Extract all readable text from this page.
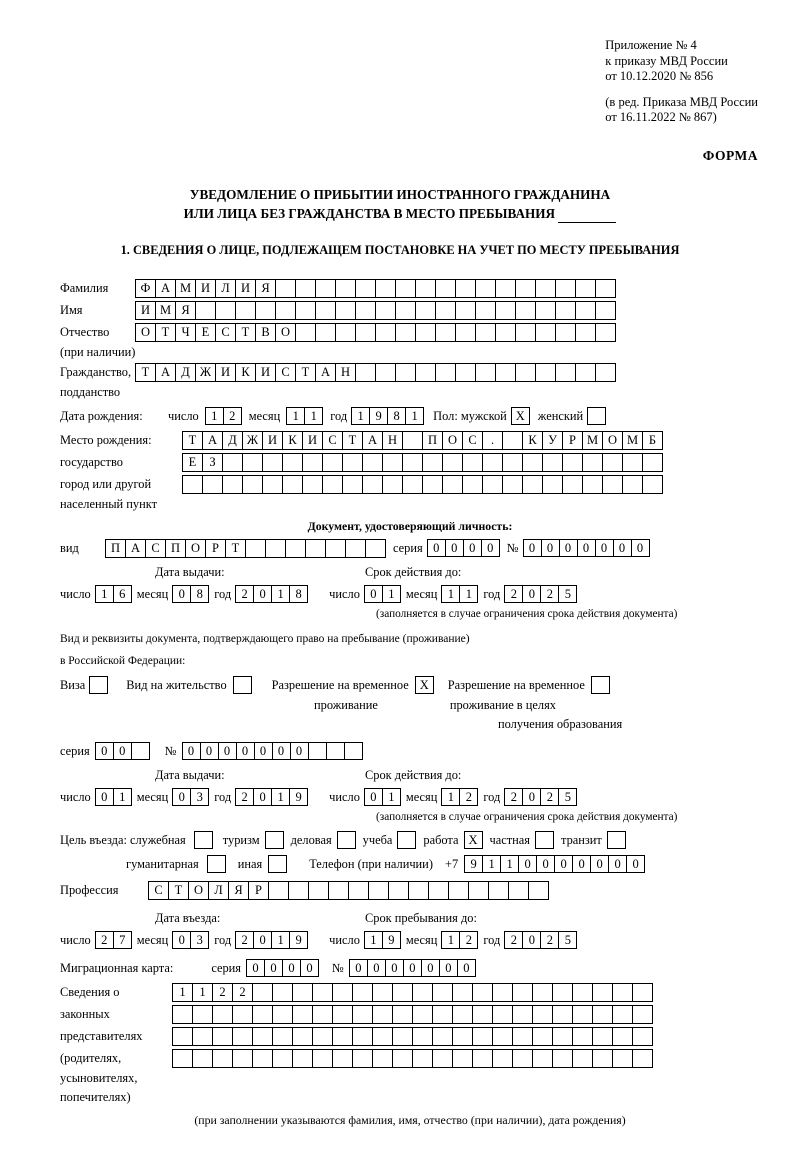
Приложение № 4
к приказу МВД России
от 10.12.2020 № 856
(в ред. Приказа МВД России
от 16.11.2022 № 867)
ФОРМА
УВЕДОМЛЕНИЕ О ПРИБЫТИИ ИНОСТРАННОГО ГРАЖДАНИНА
ИЛИ ЛИЦА БЕЗ ГРАЖДАНСТВА В МЕСТО ПРЕБЫВАНИЯ
1. СВЕДЕНИЯ О ЛИЦЕ, ПОДЛЕЖАЩЕМ ПОСТАНОВКЕ НА УЧЕТ ПО МЕСТУ ПРЕБЫВАНИЯ
Фамилия	Ф А М И Л И Я
Имя	И М Я
Отчество	О Т Ч Е С Т В О
(при наличии)
Гражданство, Т А Д Ж И К И С Т А Н
подданство
Дата рождения:	число 1 2	месяц 1 1	год 1 9 8 1	Пол: мужской X	женский
Место рождения:	Т А Д Ж И К И С Т А Н	П О С	.	К У Р М О М Б
государство	Е	З
город или другой
населенный пункт
Документ, удостоверяющий личность:
вид	П А С П О Р	Т	серия 0 0 0 0	№ 0 0 0 0 0 0 0
Дата выдачи:	Срок действия до:
число 1 6 месяц 0 8 год 2 0 1 8	число 0 1 месяц 1 1 год 2 0 2 5
(заполняется в случае ограничения срока действия документа)
Вид и реквизиты документа, подтверждающего право на пребывание (проживание)
в Российской Федерации:
Виза	Вид на жительство	Разрешение на временное X	Разрешение на временное
проживание	проживание в целях
получения образования
серия 0 0	№ 0 0 0 0 0 0 0
Дата выдачи:	Срок действия до:
число 0 1 месяц 0 3 год 2 0 1 9	число 0 1 месяц 1 2 год 2 0 2 5
(заполняется в случае ограничения срока действия документа)
Цель въезда: служебная	туризм	деловая	учеба	работа X частная	транзит
гуманитарная	иная	Телефон (при наличии) +7 9 1 1 0 0 0 0 0 0 0
Профессия	С Т О Л Я Р
Дата въезда:	Срок пребывания до:
число 2 7 месяц 0 3 год 2 0 1 9	число 1 9 месяц 1 2 год 2 0 2 5
Миграционная карта:	серия 0 0 0 0	№ 0 0 0 0 0 0 0
Сведения о	1	1	2	2
законных
представителях
(родителях,
усыновителях,
попечителях)
(при заполнении указываются фамилия, имя, отчество (при наличии), дата рождения)
